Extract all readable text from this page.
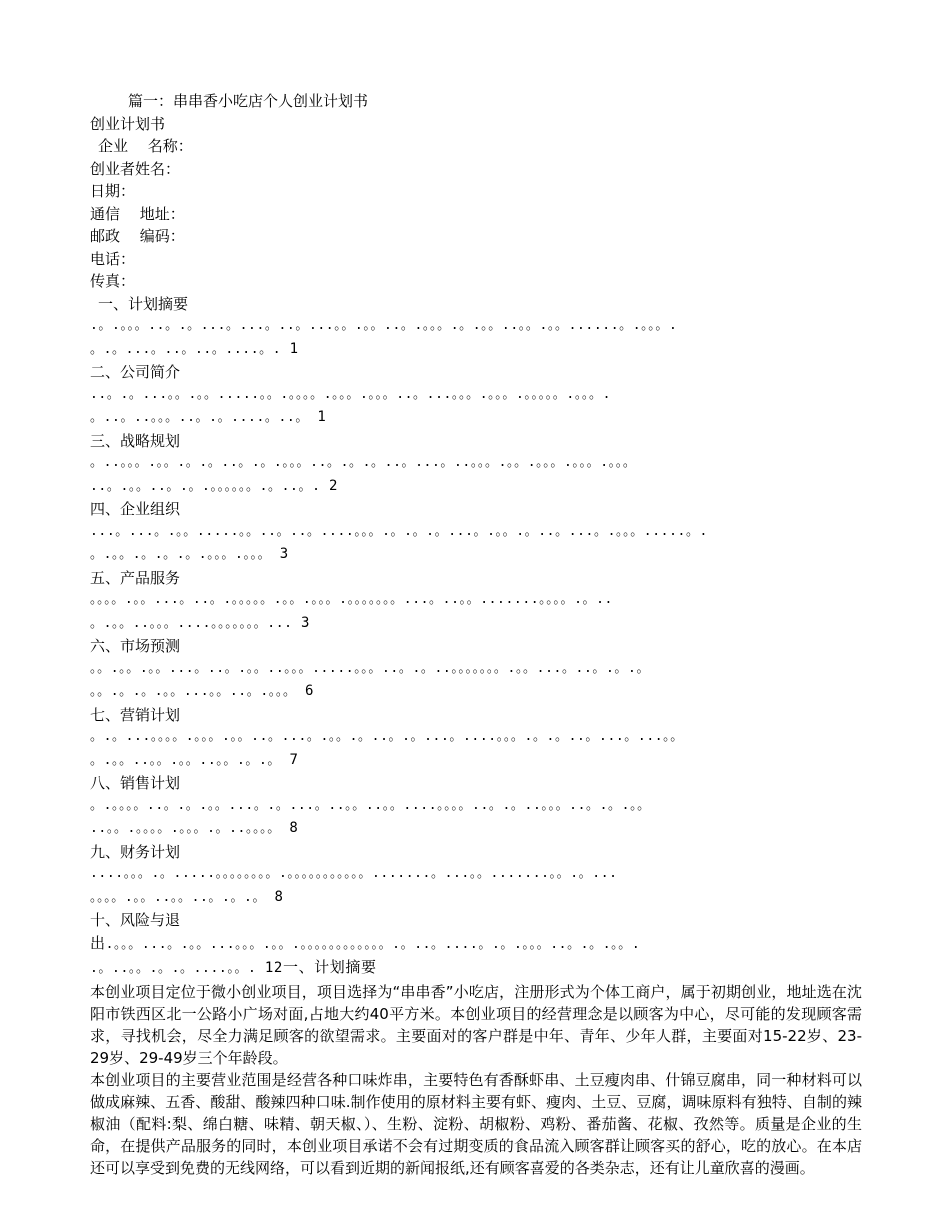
篇一：串串香小吃店个人创业计划书
创业计划书
企业　 名称：
创业者姓名：
日期：
通信　 地址：
邮政　 编码：
电话：
传真：
一、计划摘要
.。.。。。..。.。...。...。..。...。。.。。..。.。。。.。.。。..。。.。。......。.。。。.
。.。...。..。..。....。. 1
二、公司简介
..。.。...。。.。。.....。。.。。。。.。。。.。。。..。...。。。.。。。.。。。。。.。。。.
。..。..。。。..。.。....。..。 1
三、战略规划
。..。。。.。。.。.。..。.。.。。。..。.。.。..。...。..。。。.。。.。。。.。。。.。。。
..。.。。..。.。.。。。。。。.。..。. 2
四、企业组织
...。...。.。。.....。。..。..。....。。。.。.。.。...。.。。.。..。...。.。。。.....。.
。.。。.。.。.。.。。。.。。。 3
五、产品服务
。。。。.。。...。..。.。。。。。.。。.。。。.。。。。。。。...。..。。.......。。。。.。..
。.。。..。。。....。。。。。。。... 3
六、市场预测
。。.。。.。。...。..。.。。..。。。.....。。。..。.。..。。。。。。。.。。...。..。.。.。
。。.。.。.。。...。。..。.。。。 6
七、营销计划
。.。...。。。。.。。。.。。..。...。.。。.。..。.。...。....。。。.。.。..。...。...。。
。.。。..。。.。。..。。.。.。 7
八、销售计划
。.。。。。..。.。.。。...。.。...。..。。..。。....。。。。..。.。..。。。..。.。.。。
..。。.。。。。.。。。.。..。。。。 8
九、财务计划
....。。。.。.....。。。。。。。。.。。。。。。。。。。。.......。...。。.......。。.。...
。。。。.。。..。。..。.。.。 8
十、风险与退
出.。。。...。.。。...。。。.。。.。。。。。。。。。。。。.。..。....。.。.。。。..。.。.。。.
.。..。。.。.。....。。. 12一、计划摘要

本创业项目定位于微小创业项目，项目选择为“串串香”小吃店，注册形式为个体工商户，属于初期创业，地址选在沈阳市铁西区北一公路小广场对面,占地大约40平方米。本创业项目的经营理念是以顾客为中心，尽可能的发现顾客需求，寻找机会，尽全力满足顾客的欲望需求。主要面对的客户群是中年、青年、少年人群，主要面对15-22岁、23-29岁、29-49岁三个年龄段。

本创业项目的主要营业范围是经营各种口味炸串，主要特色有香酥虾串、土豆瘦肉串、什锦豆腐串，同一种材料可以做成麻辣、五香、酸甜、酸辣四种口味.制作使用的原材料主要有虾、瘦肉、土豆、豆腐，调味原料有独特、自制的辣椒油（配料:梨、绵白糖、味精、朝天椒、）、生粉、淀粉、胡椒粉、鸡粉、番茄酱、花椒、孜然等。质量是企业的生命，在提供产品服务的同时，本创业项目承诺不会有过期变质的食品流入顾客群让顾客买的舒心，吃的放心。在本店还可以享受到免费的无线网络，可以看到近期的新闻报纸,还有顾客喜爱的各类杂志，还有让儿童欣喜的漫画。
